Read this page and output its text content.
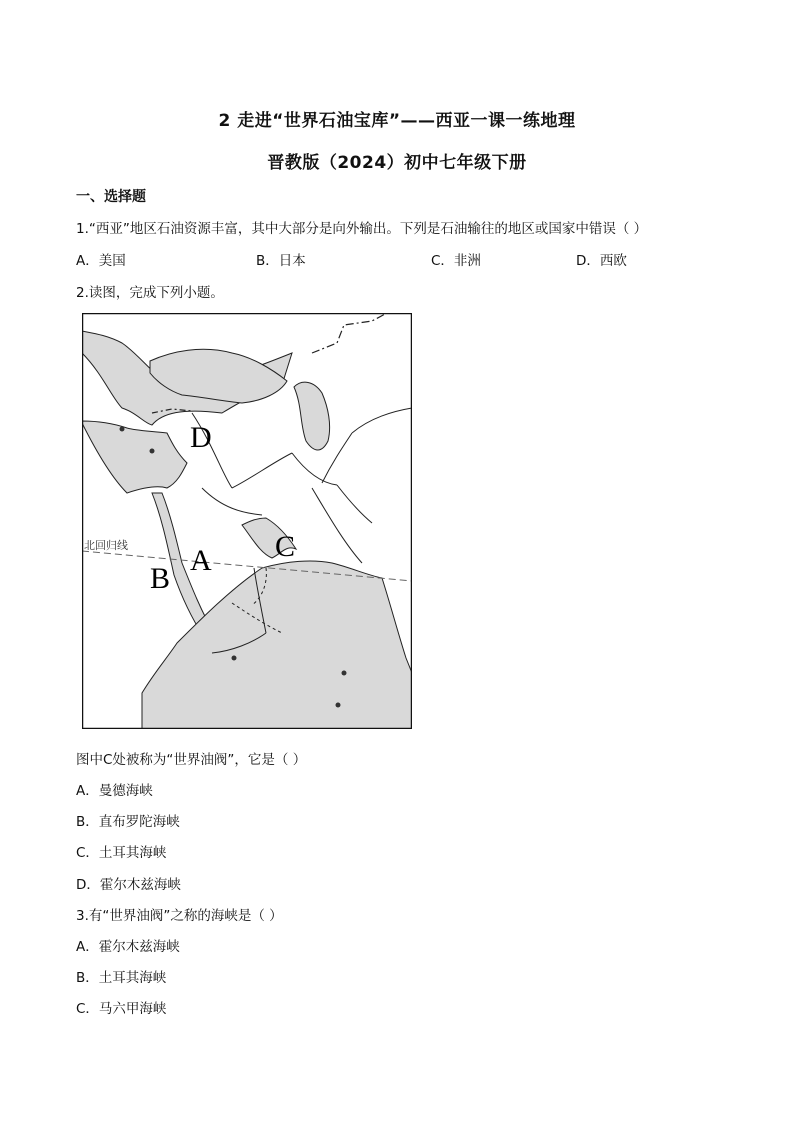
2 走进“世界石油宝库”——西亚一课一练地理
晋教版（2024）初中七年级下册
一、选择题
1.“西亚”地区石油资源丰富，其中大部分是向外输出。下列是石油输往的地区或国家中错误（ ）
A．美国	B．日本	C．非洲	D．西欧
2.读图，完成下列小题。
D
A C
B
北回归线
图中C处被称为“世界油阀”，它是（ ）
A．曼德海峡
B．直布罗陀海峡
C．土耳其海峡
D．霍尔木兹海峡
3.有“世界油阀”之称的海峡是（ ）
A．霍尔木兹海峡
B．土耳其海峡
C．马六甲海峡
